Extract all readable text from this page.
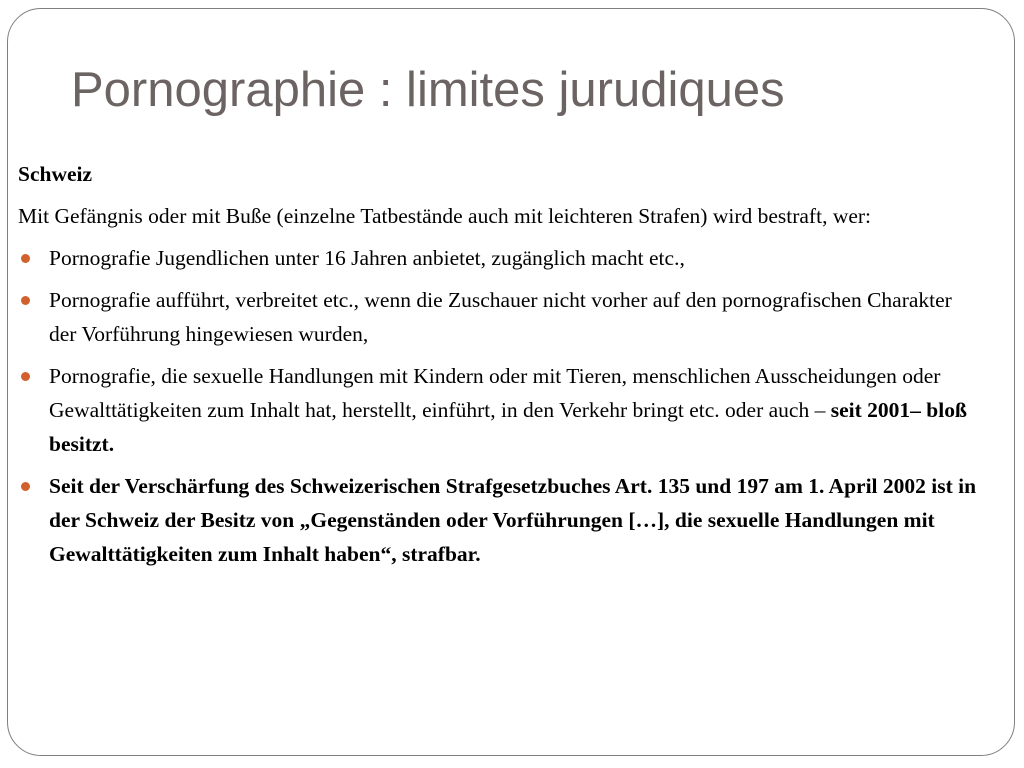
Pornographie : limites jurudiques

Schweiz

Mit Gefängnis oder mit Buße (einzelne Tatbestände auch mit leichteren Strafen) wird bestraft, wer:

Pornografie Jugendlichen unter 16 Jahren anbietet, zugänglich macht etc.,
Pornografie aufführt, verbreitet etc., wenn die Zuschauer nicht vorher auf den pornografischen Charakter der Vorführung hingewiesen wurden,
Pornografie, die sexuelle Handlungen mit Kindern oder mit Tieren, menschlichen Ausscheidungen oder Gewalttätigkeiten zum Inhalt hat, herstellt, einführt, in den Verkehr bringt etc. oder auch – seit 2001– bloß besitzt.
Seit der Verschärfung des Schweizerischen Strafgesetzbuches Art. 135 und 197 am 1. April 2002 ist in der Schweiz der Besitz von „Gegenständen oder Vorführungen […], die sexuelle Handlungen mit Gewalttätigkeiten zum Inhalt haben“, strafbar.
